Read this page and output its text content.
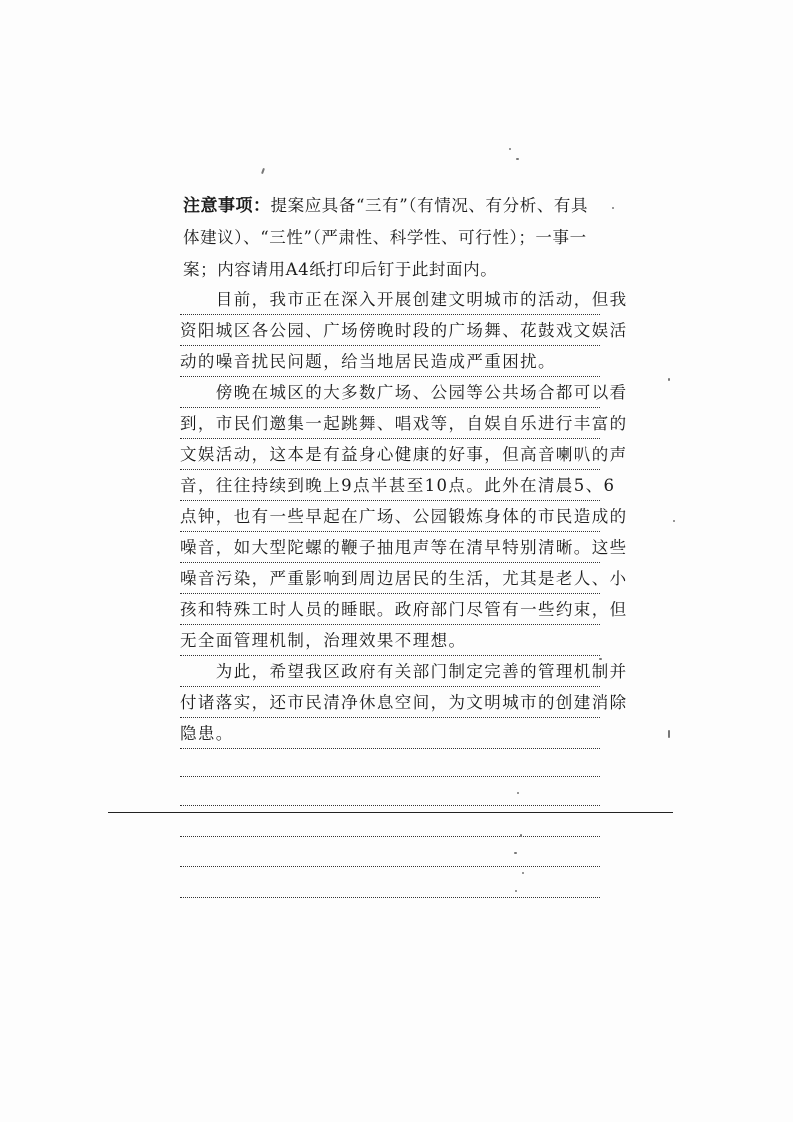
注意事项：提案应具备“三有”（有情况、有分析、有具
体建议）、“三性”（严肃性、科学性、可行性）；一事一
案；内容请用A4纸打印后钉于此封面内。
　　目前，我市正在深入开展创建文明城市的活动，但我
资阳城区各公园、广场傍晚时段的广场舞、花鼓戏文娱活
动的噪音扰民问题，给当地居民造成严重困扰。
　　傍晚在城区的大多数广场、公园等公共场合都可以看
到，市民们邀集一起跳舞、唱戏等，自娱自乐进行丰富的
文娱活动，这本是有益身心健康的好事，但高音喇叭的声
音，往往持续到晚上9点半甚至10点。此外在清晨5、6
点钟，也有一些早起在广场、公园锻炼身体的市民造成的
噪音，如大型陀螺的鞭子抽甩声等在清早特别清晰。这些
噪音污染，严重影响到周边居民的生活，尤其是老人、小
孩和特殊工时人员的睡眠。政府部门尽管有一些约束，但
无全面管理机制，治理效果不理想。
　　为此，希望我区政府有关部门制定完善的管理机制并
付诸落实，还市民清净休息空间，为文明城市的创建消除
隐患。
